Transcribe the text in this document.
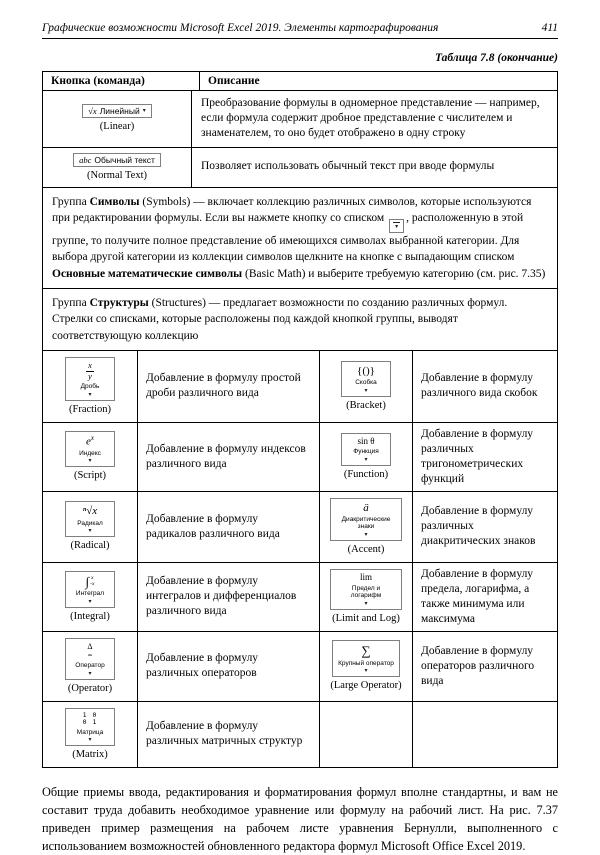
Графические возможности Microsoft Excel 2019. Элементы картографирования	411
Таблица 7.8 (окончание)
Кнопка (команда)	Описание
√x Линейный ▾
(Linear)
Преобразование формулы в одномерное представление — например, если формула содержит дробное представление с числителем и знаменателем, то оно будет отображено в одну строку
abc Обычный текст
(Normal Text)
Позволяет использовать обычный текст при вводе формулы
Группа Символы (Symbols) — включает коллекцию различных символов, которые используются при редактировании формулы. Если вы нажмете кнопку со списком
▾
, расположенную в этой группе, то получите полное представление об имеющихся символах выбранной категории. Для выбора другой категории из коллекции символов щелкните на кнопке с выпадающим списком Основные математические символы (Basic Math) и выберите требуемую категорию (см. рис. 7.35)
Группа Структуры (Structures) — предлагает возможности по созданию различных формул. Стрелки со списками, которые расположены под каждой кнопкой группы, выводят соответствующую коллекцию
x
y
Дробь
▾
(Fraction)
Добавление в формулу простой дроби различного вида
{()}
Скобка
▾
(Bracket)
Добавление в формулу различного вида скобок
$e^x$
Индекс
▾
(Script)
Добавление в формулу индексов различного вида
sin θ
Функция
▾
(Function)
Добавление в формулу различных тригонометрических функций
ⁿ√x
Радикал
▾
(Radical)
Добавление в формулу радикалов различного вида
ä
Диакритические знаки
▾
(Accent)
Добавление в формулу различных диакритических знаков
∫ x
-x
Интеграл
▾
(Integral)
Добавление в формулу интегралов и дифференциалов различного вида
lim
Предел и логарифм
▾
(Limit and Log)
Добавление в формулу предела, логарифма, а также минимума или максимума
Δ
=
Оператор
▾
(Operator)
Добавление в формулу различных операторов
∑
Крупный оператор
▾
(Large Operator)
Добавление в формулу операторов различного вида
1 0
0 1
Матрица
▾
(Matrix)
Добавление в формулу различных матричных структур

Общие приемы ввода, редактирования и форматирования формул вполне стандартны, и вам не составит труда добавить необходимое уравнение или формулу на рабочий лист. На рис. 7.37 приведен пример размещения на рабочем листе уравнения Бернулли, выполненного с использованием возможностей обновленного редактора формул Microsoft Office Excel 2019.
